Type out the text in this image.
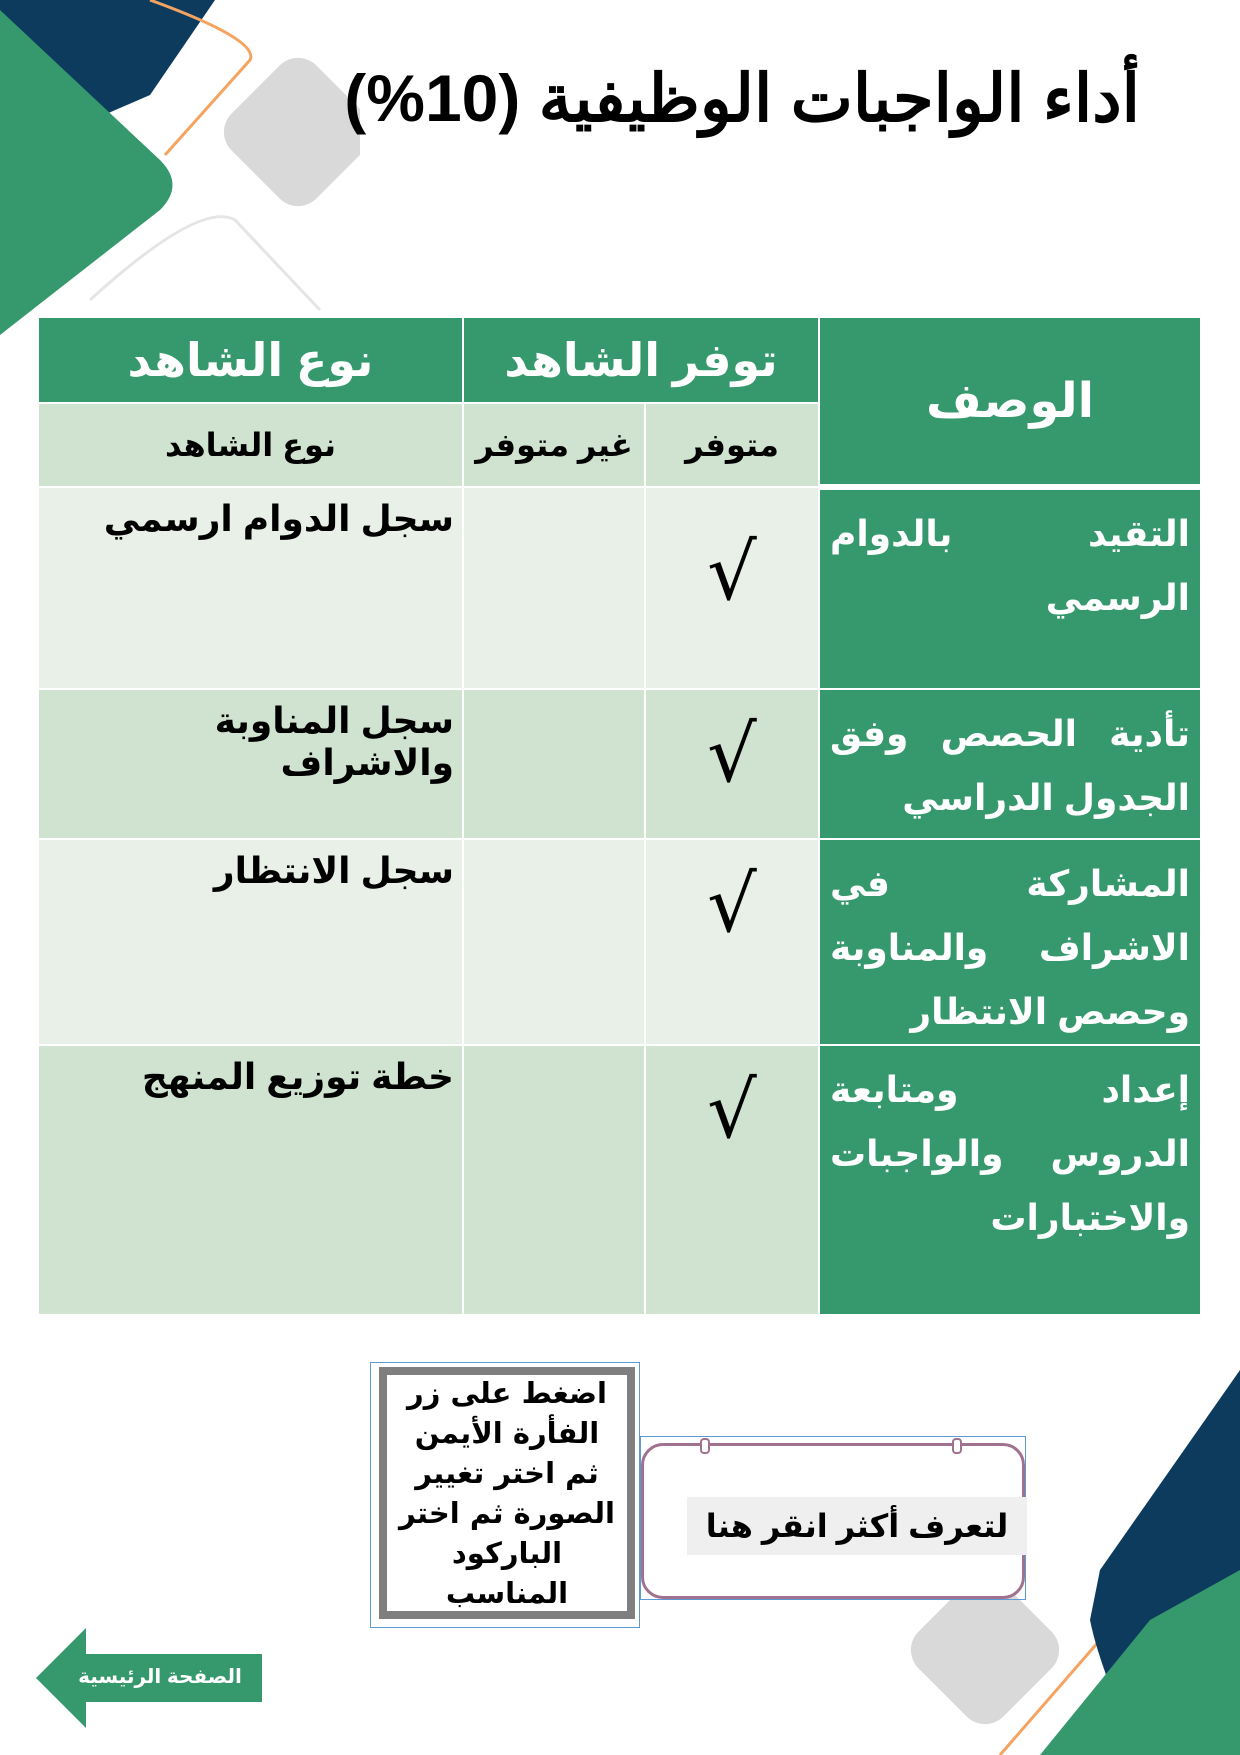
أداء الواجبات الوظيفية (10%)
الوصف	توفر الشاهد		نوع الشاهد
	متوفر	غير متوفر	نوع الشاهد
التقيد بالدوام الرسمي	√		سجل الدوام ارسمي
تأدية الحصص وفق الجدول الدراسي	√		سجل المناوبة والاشراف
المشاركة في الاشراف والمناوبة وحصص الانتظار	√		سجل الانتظار
إعداد ومتابعة الدروس والواجبات والاختبارات	√		خطة توزيع المنهج
اضغط على زر الفأرة الأيمن ثم اختر تغيير الصورة ثم اختر الباركود المناسب
لتعرف أكثر انقر هنا
الصفحة الرئيسية
